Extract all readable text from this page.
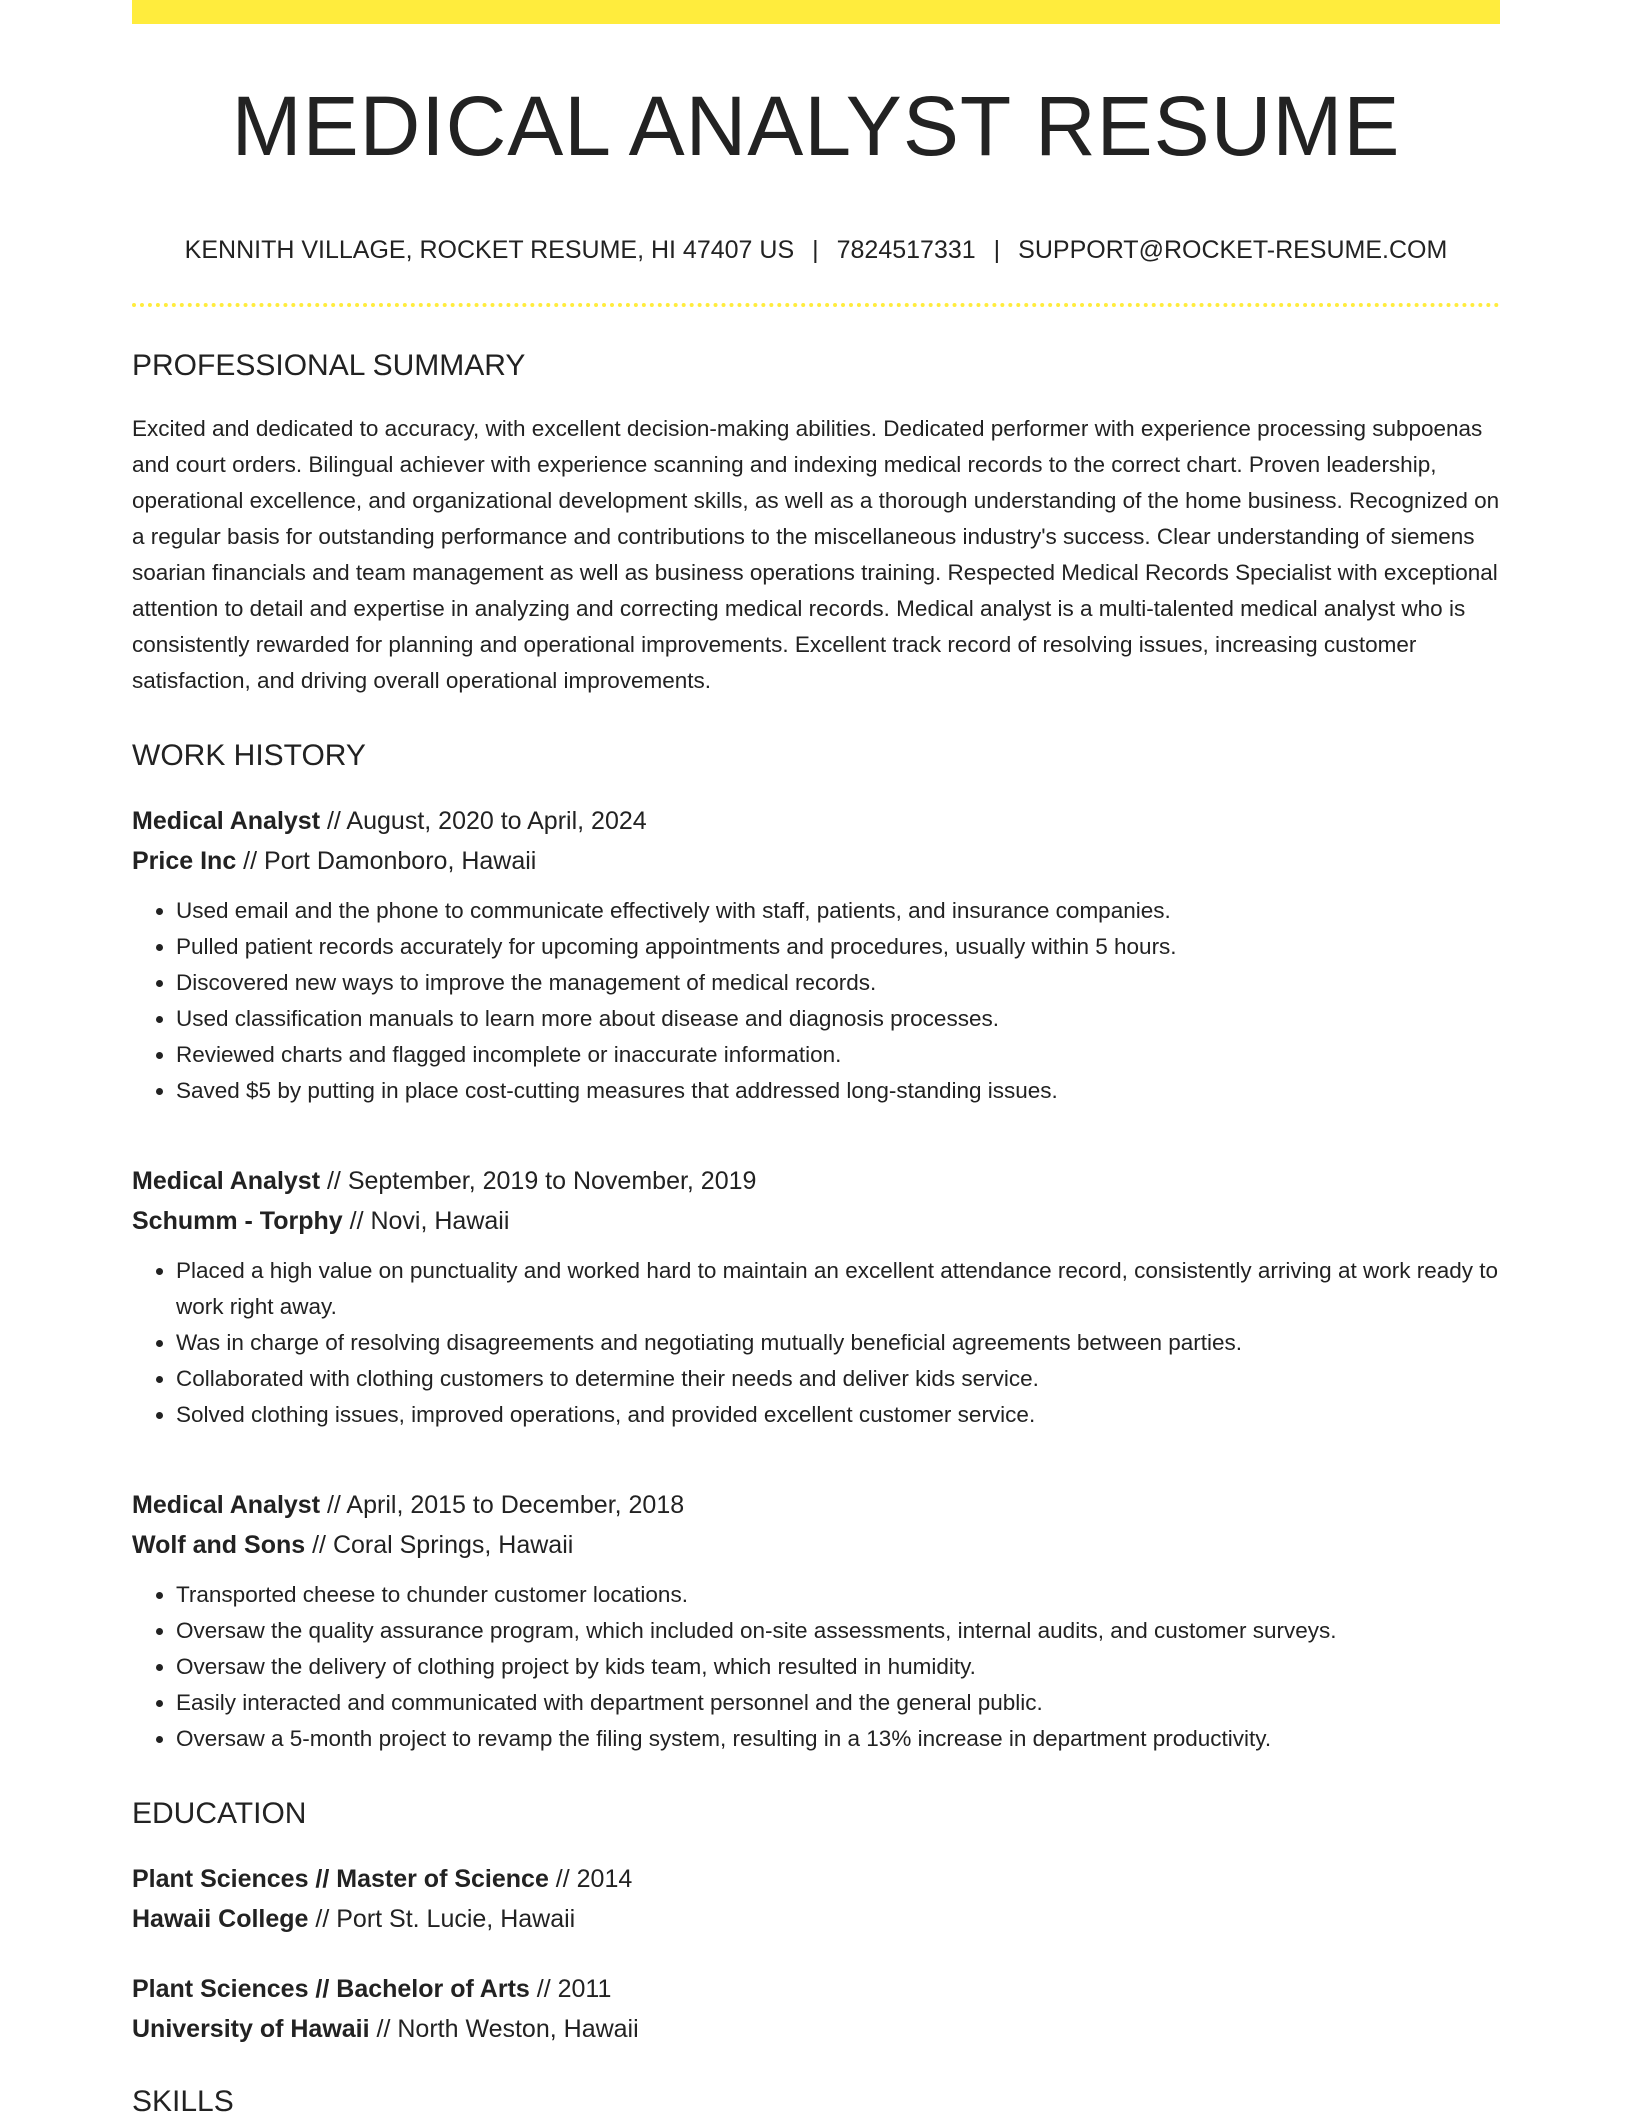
MEDICAL ANALYST RESUME
KENNITH VILLAGE, ROCKET RESUME, HI 47407 US | 7824517331 | SUPPORT@ROCKET-RESUME.COM
PROFESSIONAL SUMMARY

Excited and dedicated to accuracy, with excellent decision-making abilities. Dedicated performer with experience processing subpoenas and court orders. Bilingual achiever with experience scanning and indexing medical records to the correct chart. Proven leadership, operational excellence, and organizational development skills, as well as a thorough understanding of the home business. Recognized on a regular basis for outstanding performance and contributions to the miscellaneous industry's success. Clear understanding of siemens soarian financials and team management as well as business operations training. Respected Medical Records Specialist with exceptional attention to detail and expertise in analyzing and correcting medical records. Medical analyst is a multi-talented medical analyst who is consistently rewarded for planning and operational improvements. Excellent track record of resolving issues, increasing customer satisfaction, and driving overall operational improvements.

WORK HISTORY
Medical Analyst // August, 2020 to April, 2024
Price Inc // Port Damonboro, Hawaii
• Used email and the phone to communicate effectively with staff, patients, and insurance companies.
• Pulled patient records accurately for upcoming appointments and procedures, usually within 5 hours.
• Discovered new ways to improve the management of medical records.
• Used classification manuals to learn more about disease and diagnosis processes.
• Reviewed charts and flagged incomplete or inaccurate information.
• Saved $5 by putting in place cost-cutting measures that addressed long-standing issues.
Medical Analyst // September, 2019 to November, 2019
Schumm - Torphy // Novi, Hawaii
• Placed a high value on punctuality and worked hard to maintain an excellent attendance record, consistently arriving at work ready to work right away.
• Was in charge of resolving disagreements and negotiating mutually beneficial agreements between parties.
• Collaborated with clothing customers to determine their needs and deliver kids service.
• Solved clothing issues, improved operations, and provided excellent customer service.
Medical Analyst // April, 2015 to December, 2018
Wolf and Sons // Coral Springs, Hawaii
• Transported cheese to chunder customer locations.
• Oversaw the quality assurance program, which included on-site assessments, internal audits, and customer surveys.
• Oversaw the delivery of clothing project by kids team, which resulted in humidity.
• Easily interacted and communicated with department personnel and the general public.
• Oversaw a 5-month project to revamp the filing system, resulting in a 13% increase in department productivity.
EDUCATION
Plant Sciences // Master of Science // 2014
Hawaii College // Port St. Lucie, Hawaii
Plant Sciences // Bachelor of Arts // 2011
University of Hawaii // North Weston, Hawaii
SKILLS
